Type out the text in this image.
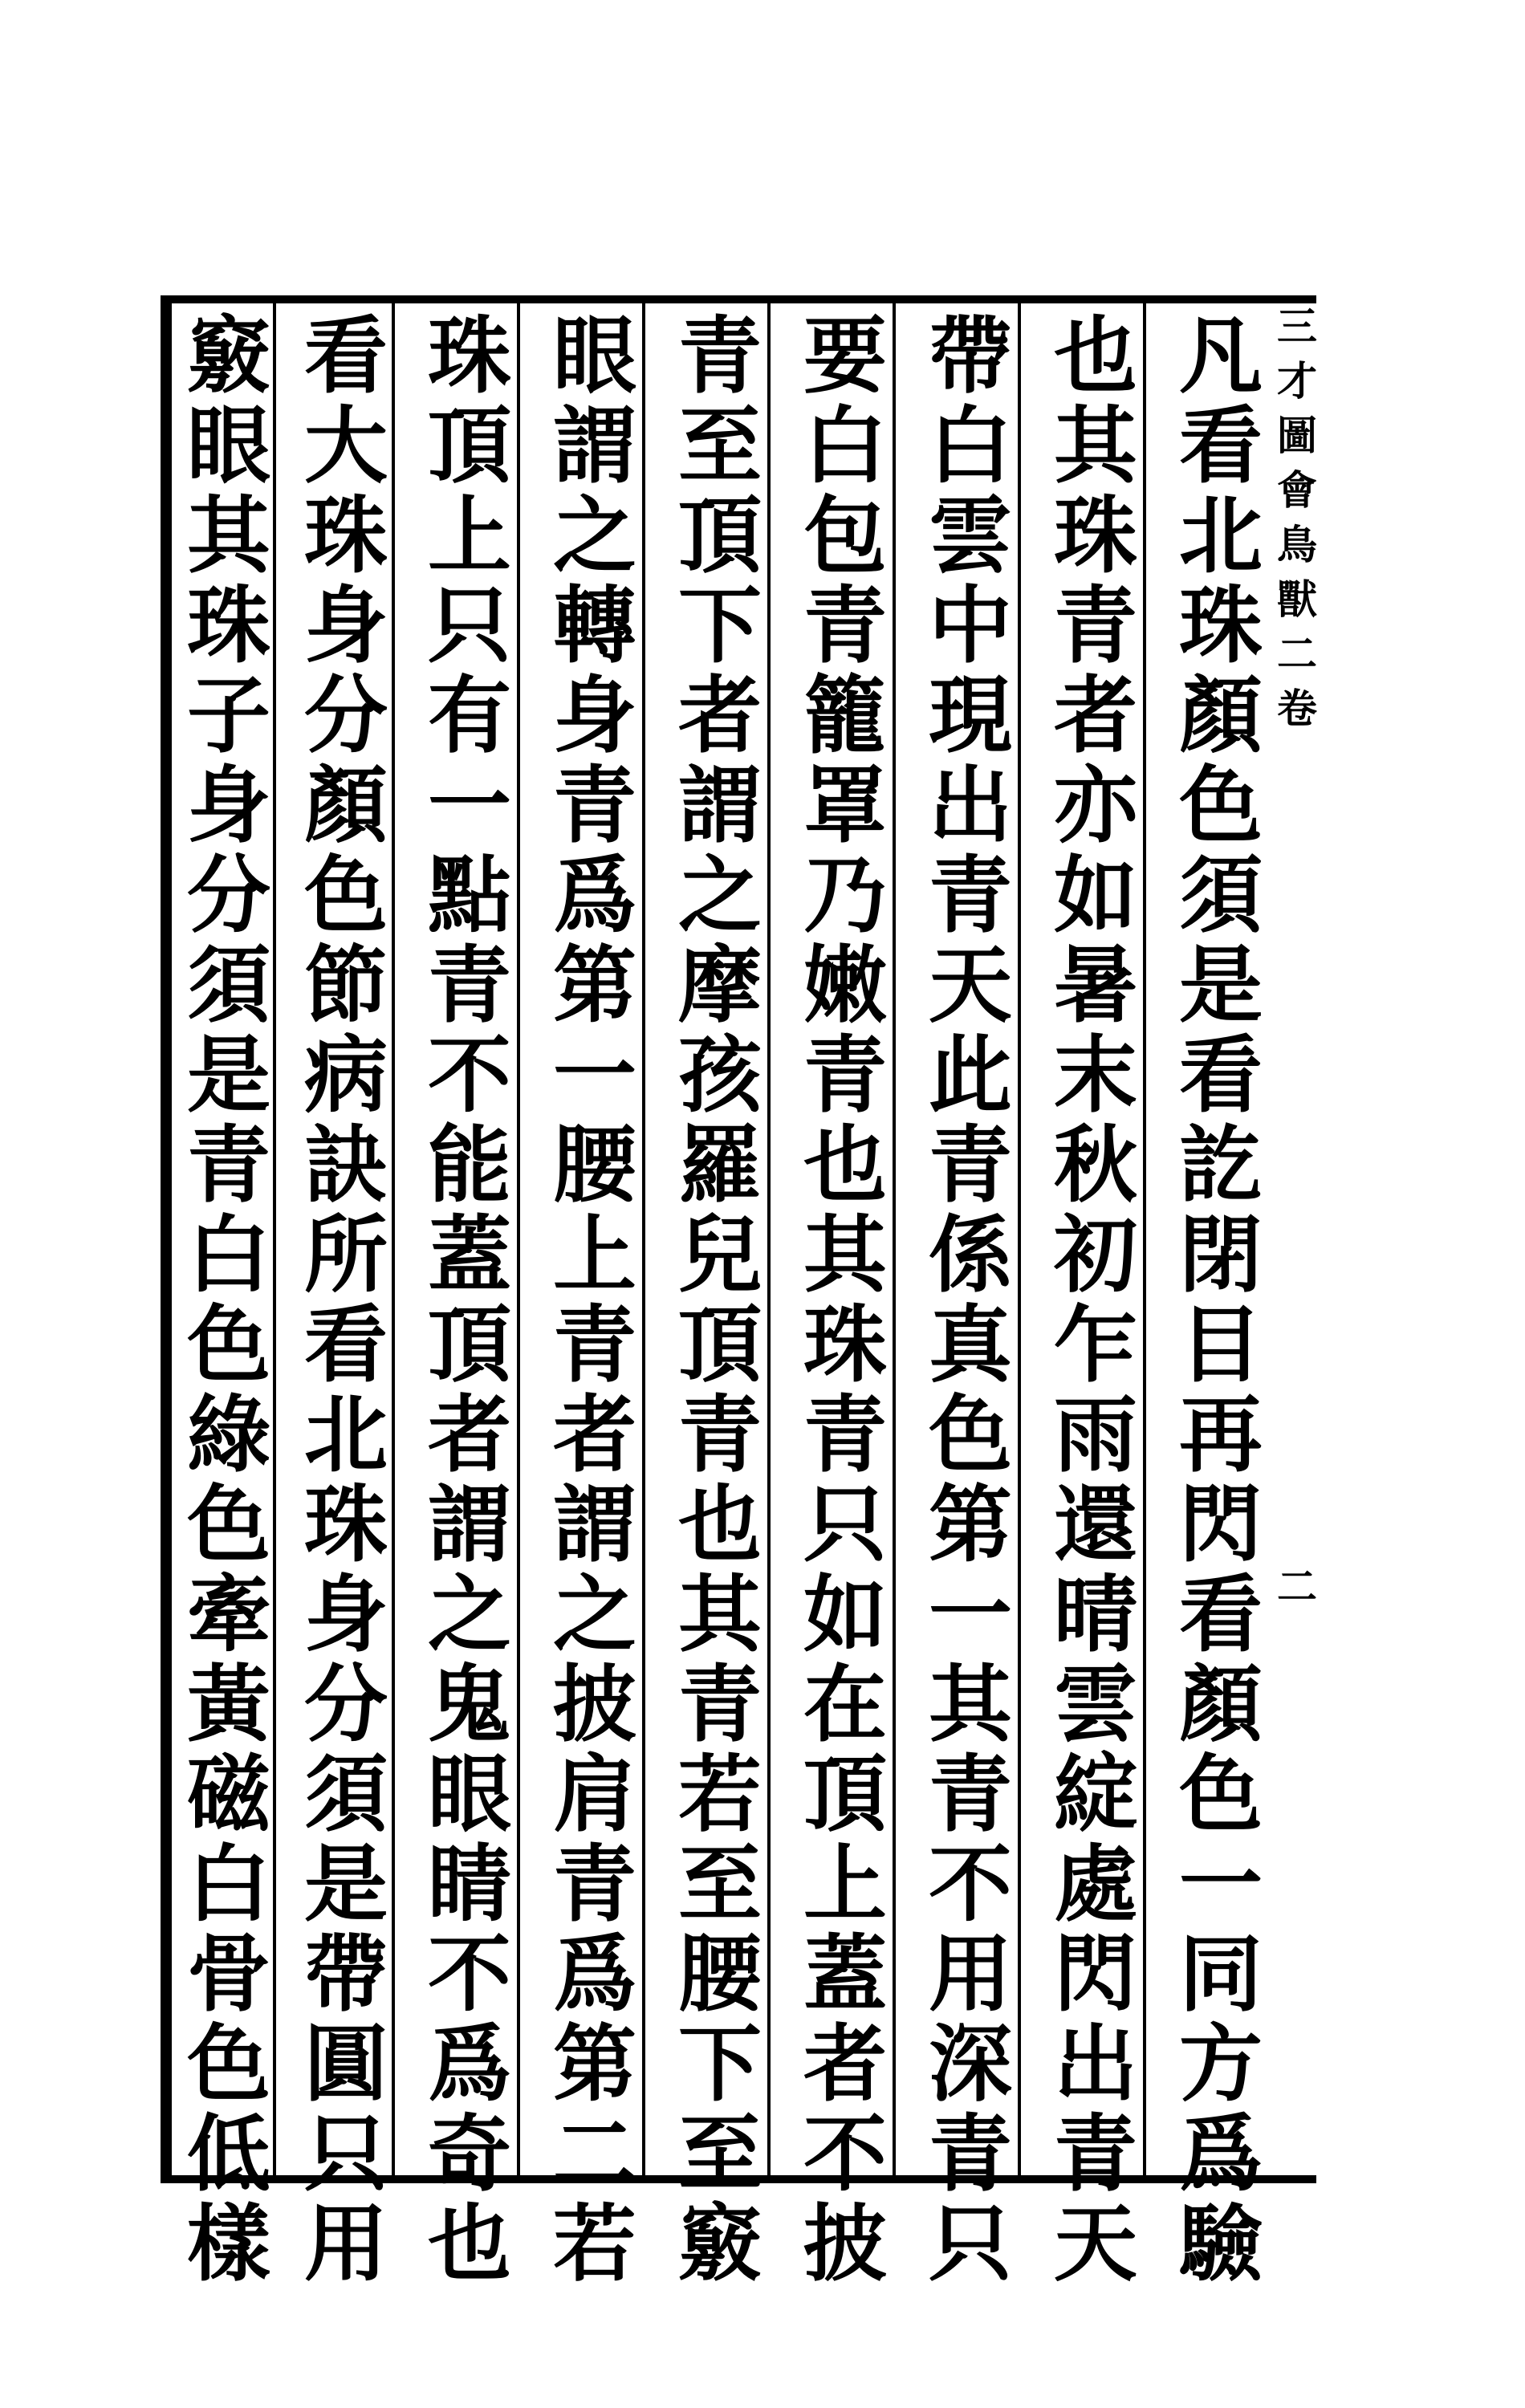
三才圖會鳥獸二卷
二
凡看北珠顏色須是看訖閉目再閃看顏色一同方爲驗
也其珠青者亦如暑末秋初乍雨還晴雲綻處閃出青天
帶白雲中現出青天此青係真色第一其青不用深青只
要白包青籠罩乃嫩青也其珠青只如在頂上蓋者不披
青至頂下者謂之摩孩羅兒頂青也其青若至腰下至竅
眼謂之轉身青爲第一腰上青者謂之披肩青爲第二若
珠頂上只有一點青不能蓋頂者謂之鬼眼睛不爲奇也
看大珠身分顏色節病訣所看北珠身分須是帶圓只用
竅眼其珠子身分須是青白色綠色牽黃磁白骨色低樣
